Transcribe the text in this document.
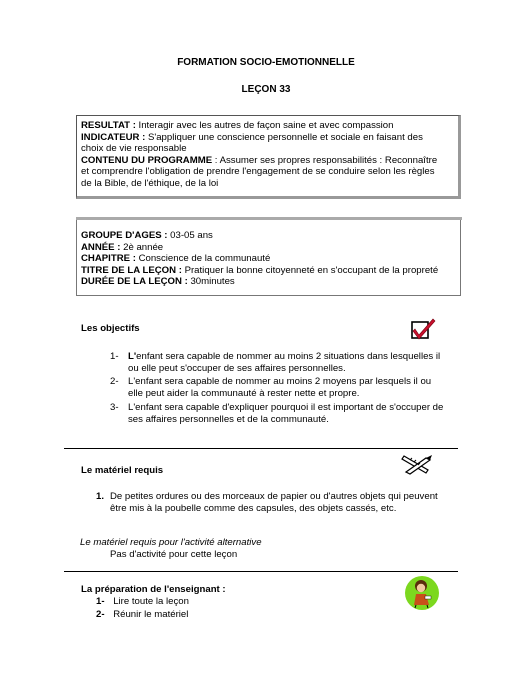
FORMATION SOCIO-EMOTIONNELLE
LEÇON 33

RESULTAT : Interagir avec les autres de façon saine et avec compassion

INDICATEUR : S'appliquer une conscience personnelle et sociale en faisant des

choix de vie responsable

CONTENU DU PROGRAMME : Assumer ses propres responsabilités : Reconnaître

et comprendre l'obligation de prendre l'engagement de se conduire selon les règles

de la Bible, de l'éthique, de la loi

GROUPE D'AGES : 03-05 ans

ANNÉE : 2è année

CHAPITRE : Conscience de la communauté

TITRE DE LA LEÇON : Pratiquer la bonne citoyenneté en s'occupant de la propreté

DURÉE DE LA LEÇON : 30minutes

Les objectifs
1- L'enfant sera capable de nommer au moins 2 situations dans lesquelles il
ou elle peut s'occuper de ses affaires personnelles.
2- L'enfant sera capable de nommer au moins 2 moyens par lesquels il ou
elle peut aider la communauté à rester nette et propre.
3- L'enfant sera capable d'expliquer pourquoi il est important de s'occuper de
ses affaires personnelles et de la communauté.
Le matériel requis
1. De petites ordures ou des morceaux de papier ou d'autres objets qui peuvent
être mis à la poubelle comme des capsules, des objets cassés, etc.
Le matériel requis pour l'activité alternative
Pas d'activité pour cette leçon
La préparation de l'enseignant :
1- Lire toute la leçon
2- Réunir le matériel
